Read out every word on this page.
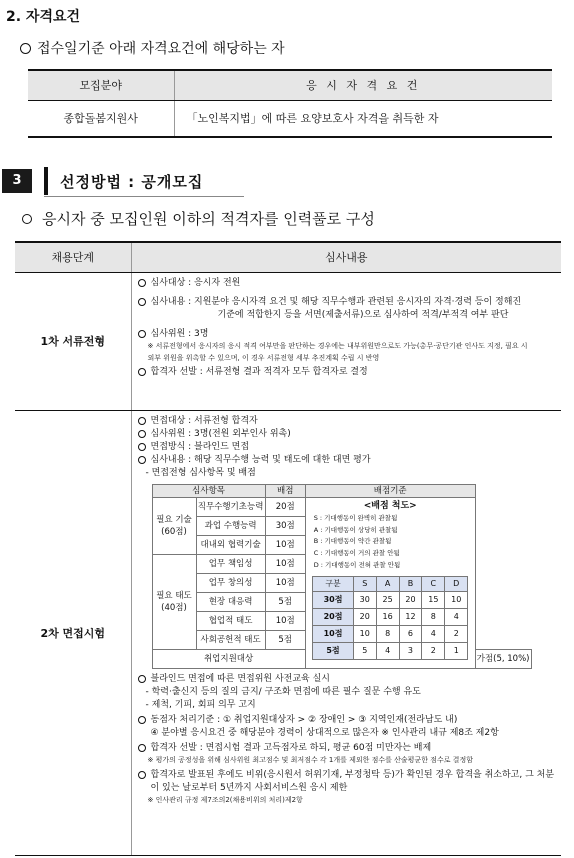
2. 자격요건
접수일기준 아래 자격요건에 해당하는 자
모집분야	응 시 자 격 요 건
종합돌봄지원사	「노인복지법」에 따른 요양보호사 자격을 취득한 자
3	선정방법 : 공개모집
응시자 중 모집인원 이하의 적격자를 인력풀로 구성
채용단계	심사내용
1차 서류전형	
심사대상 : 응시자 전원
심사내용 : 지원분야 응시자격 요건 및 해당 직무수행과 관련된 응시자의 자격·경력 등이 정해진
기준에 적합한지 등을 서면(제출서류)으로 심사하여 적격/부적격 여부 판단
심사위원 : 3명
※ 서류전형에서 응시자의 응시 적격 여부만을 판단하는 경우에는 내부위원만으로도 가능(총무·공단기관 인사도 지정, 필요 시
외부 위원을 위촉할 수 있으며, 이 경우 서류전형 세부 추진계획 수립 시 반영
합격자 선발 : 서류전형 결과 적격자 모두 합격자로 결정

2차 면접시험	
면접대상 : 서류전형 합격자
심사위원 : 3명(전원 외부인사 위촉)
면접방식 : 블라인드 면접
심사내용 : 해당 직무수행 능력 및 태도에 대한 대면 평가
- 면접전형 심사항목 및 배점
심사항목	배점	배점기준
필요 기술 (60점)	직무수행기초능력	20점	<배점 척도>
S : 기대행동이 완벽히 관찰됨
A : 기대행동이 상당히 관찰됨
B : 기대행동이 약간 관찰됨
C : 기대행동이 거의 관찰 안됨
D : 기대행동이 전혀 관찰 안됨
구분	S	A	B	C	D
30점	30	25	20	15	10
20점	20	16	12	8	4
10점	10	8	6	4	2
5점	5	4	3	2	1

과업 수행능력	30점
대내외 협력기술	10점
필요 태도 (40점)	업무 책임성	10점
업무 창의성	10점
현장 대응력	5점
협업적 태도	10점
사회공헌적 태도	5점
취업지원대상	가점(5, 10%)
블라인드 면접에 따른 면접위원 사전교육 실시
- 학력·출신지 등의 질의 금지/ 구조화 면접에 따른 필수 질문 수행 유도
- 제척, 기피, 회피 의무 고지
동점자 처리기준 : ① 취업지원대상자 > ② 장애인 > ③ 지역인재(전라남도 내)
④ 분야별 응시요건 중 해당분야 경력이 상대적으로 많은자 ※ 인사관리 내규 제8조 제2항
합격자 선발 : 면접시험 결과 고득점자로 하되, 평균 60점 미만자는 배제
※ 평가의 공정성을 위해 심사위원 최고점수 및 최저점수 각 1개를 제외한 점수를 산술평균한 점수로 결정함
합격자로 발표된 후에도 비위(응시원서 허위기재, 부정청탁 등)가 확인된 경우 합격을 취소하고, 그 처분이 있는 날로부터 5년까지 사회서비스원 응시 제한
※ 인사관리 규정 제7조의2(채용비위의 처리)제2항
